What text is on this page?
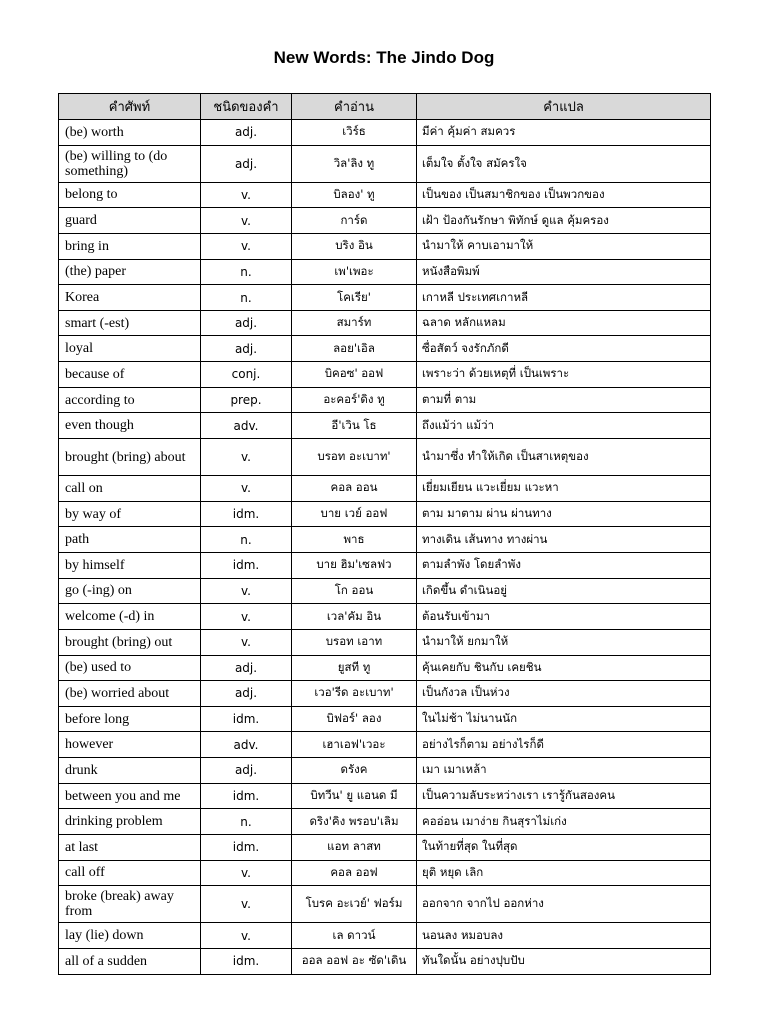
New Words: The Jindo Dog
คำศัพท์	ชนิดของคำ	คำอ่าน	คำแปล
(be) worth	adj.	เวิร์ธ	มีค่า คุ้มค่า สมควร
(be) willing to (do something)	adj.	วิล'ลิง ทู	เต็มใจ ตั้งใจ สมัครใจ
belong to	v.	บิลอง' ทู	เป็นของ เป็นสมาชิกของ เป็นพวกของ
guard	v.	การ์ด	เฝ้า ป้องกันรักษา พิทักษ์ ดูแล คุ้มครอง
bring in	v.	บริง อิน	นำมาให้ คาบเอามาให้
(the) paper	n.	เพ'เพอะ	หนังสือพิมพ์
Korea	n.	โคเรีย'	เกาหลี ประเทศเกาหลี
smart (-est)	adj.	สมาร์ท	ฉลาด หลักแหลม
loyal	adj.	ลอย'เอิล	ซื่อสัตว์ จงรักภักดี
because of	conj.	บิคอซ' ออฟ	เพราะว่า ด้วยเหตุที่ เป็นเพราะ
according to	prep.	อะคอร์'ดิง ทู	ตามที่ ตาม
even though	adv.	อี'เวิน โธ	ถึงแม้ว่า แม้ว่า
brought (bring) about	v.	บรอท อะเบาท'	นำมาซึ่ง ทำให้เกิด เป็นสาเหตุของ
call on	v.	คอล ออน	เยี่ยมเยียน แวะเยี่ยม แวะหา
by way of	idm.	บาย เวย์ ออฟ	ตาม มาตาม ผ่าน ผ่านทาง
path	n.	พาธ	ทางเดิน เส้นทาง ทางผ่าน
by himself	idm.	บาย ฮิม'เซลฟว	ตามลำพัง โดยลำพัง
go (-ing) on	v.	โก ออน	เกิดขึ้น ดำเนินอยู่
welcome (-d) in	v.	เวล'คัม อิน	ต้อนรับเข้ามา
brought (bring) out	v.	บรอท เอาท	นำมาให้ ยกมาให้
(be) used to	adj.	ยูสที ทู	คุ้นเคยกับ ชินกับ เคยชิน
(be) worried about	adj.	เวอ'รีด อะเบาท'	เป็นกังวล เป็นห่วง
before long	idm.	บิฟอร์' ลอง	ในไม่ช้า ไม่นานนัก
however	adv.	เฮาเอฟ'เวอะ	อย่างไรก็ตาม อย่างไรก็ดี
drunk	adj.	ดรังค	เมา เมาเหล้า
between you and me	idm.	บิทวีน' ยู แอนด มี	เป็นความลับระหว่างเรา เรารู้กันสองคน
drinking problem	n.	ดริง'คิง พรอบ'เลิม	คออ่อน เมาง่าย กินสุราไม่เก่ง
at last	idm.	แอท ลาสท	ในท้ายที่สุด ในที่สุด
call off	v.	คอล ออฟ	ยุติ หยุด เลิก
broke (break) away from	v.	โบรค อะเวย์' ฟอร์ม	ออกจาก จากไป ออกห่าง
lay (lie) down	v.	เล ดาวน์	นอนลง หมอบลง
all of a sudden	idm.	ออล ออฟ อะ ซัด'เดิน	ทันใดนั้น อย่างปุบปับ
